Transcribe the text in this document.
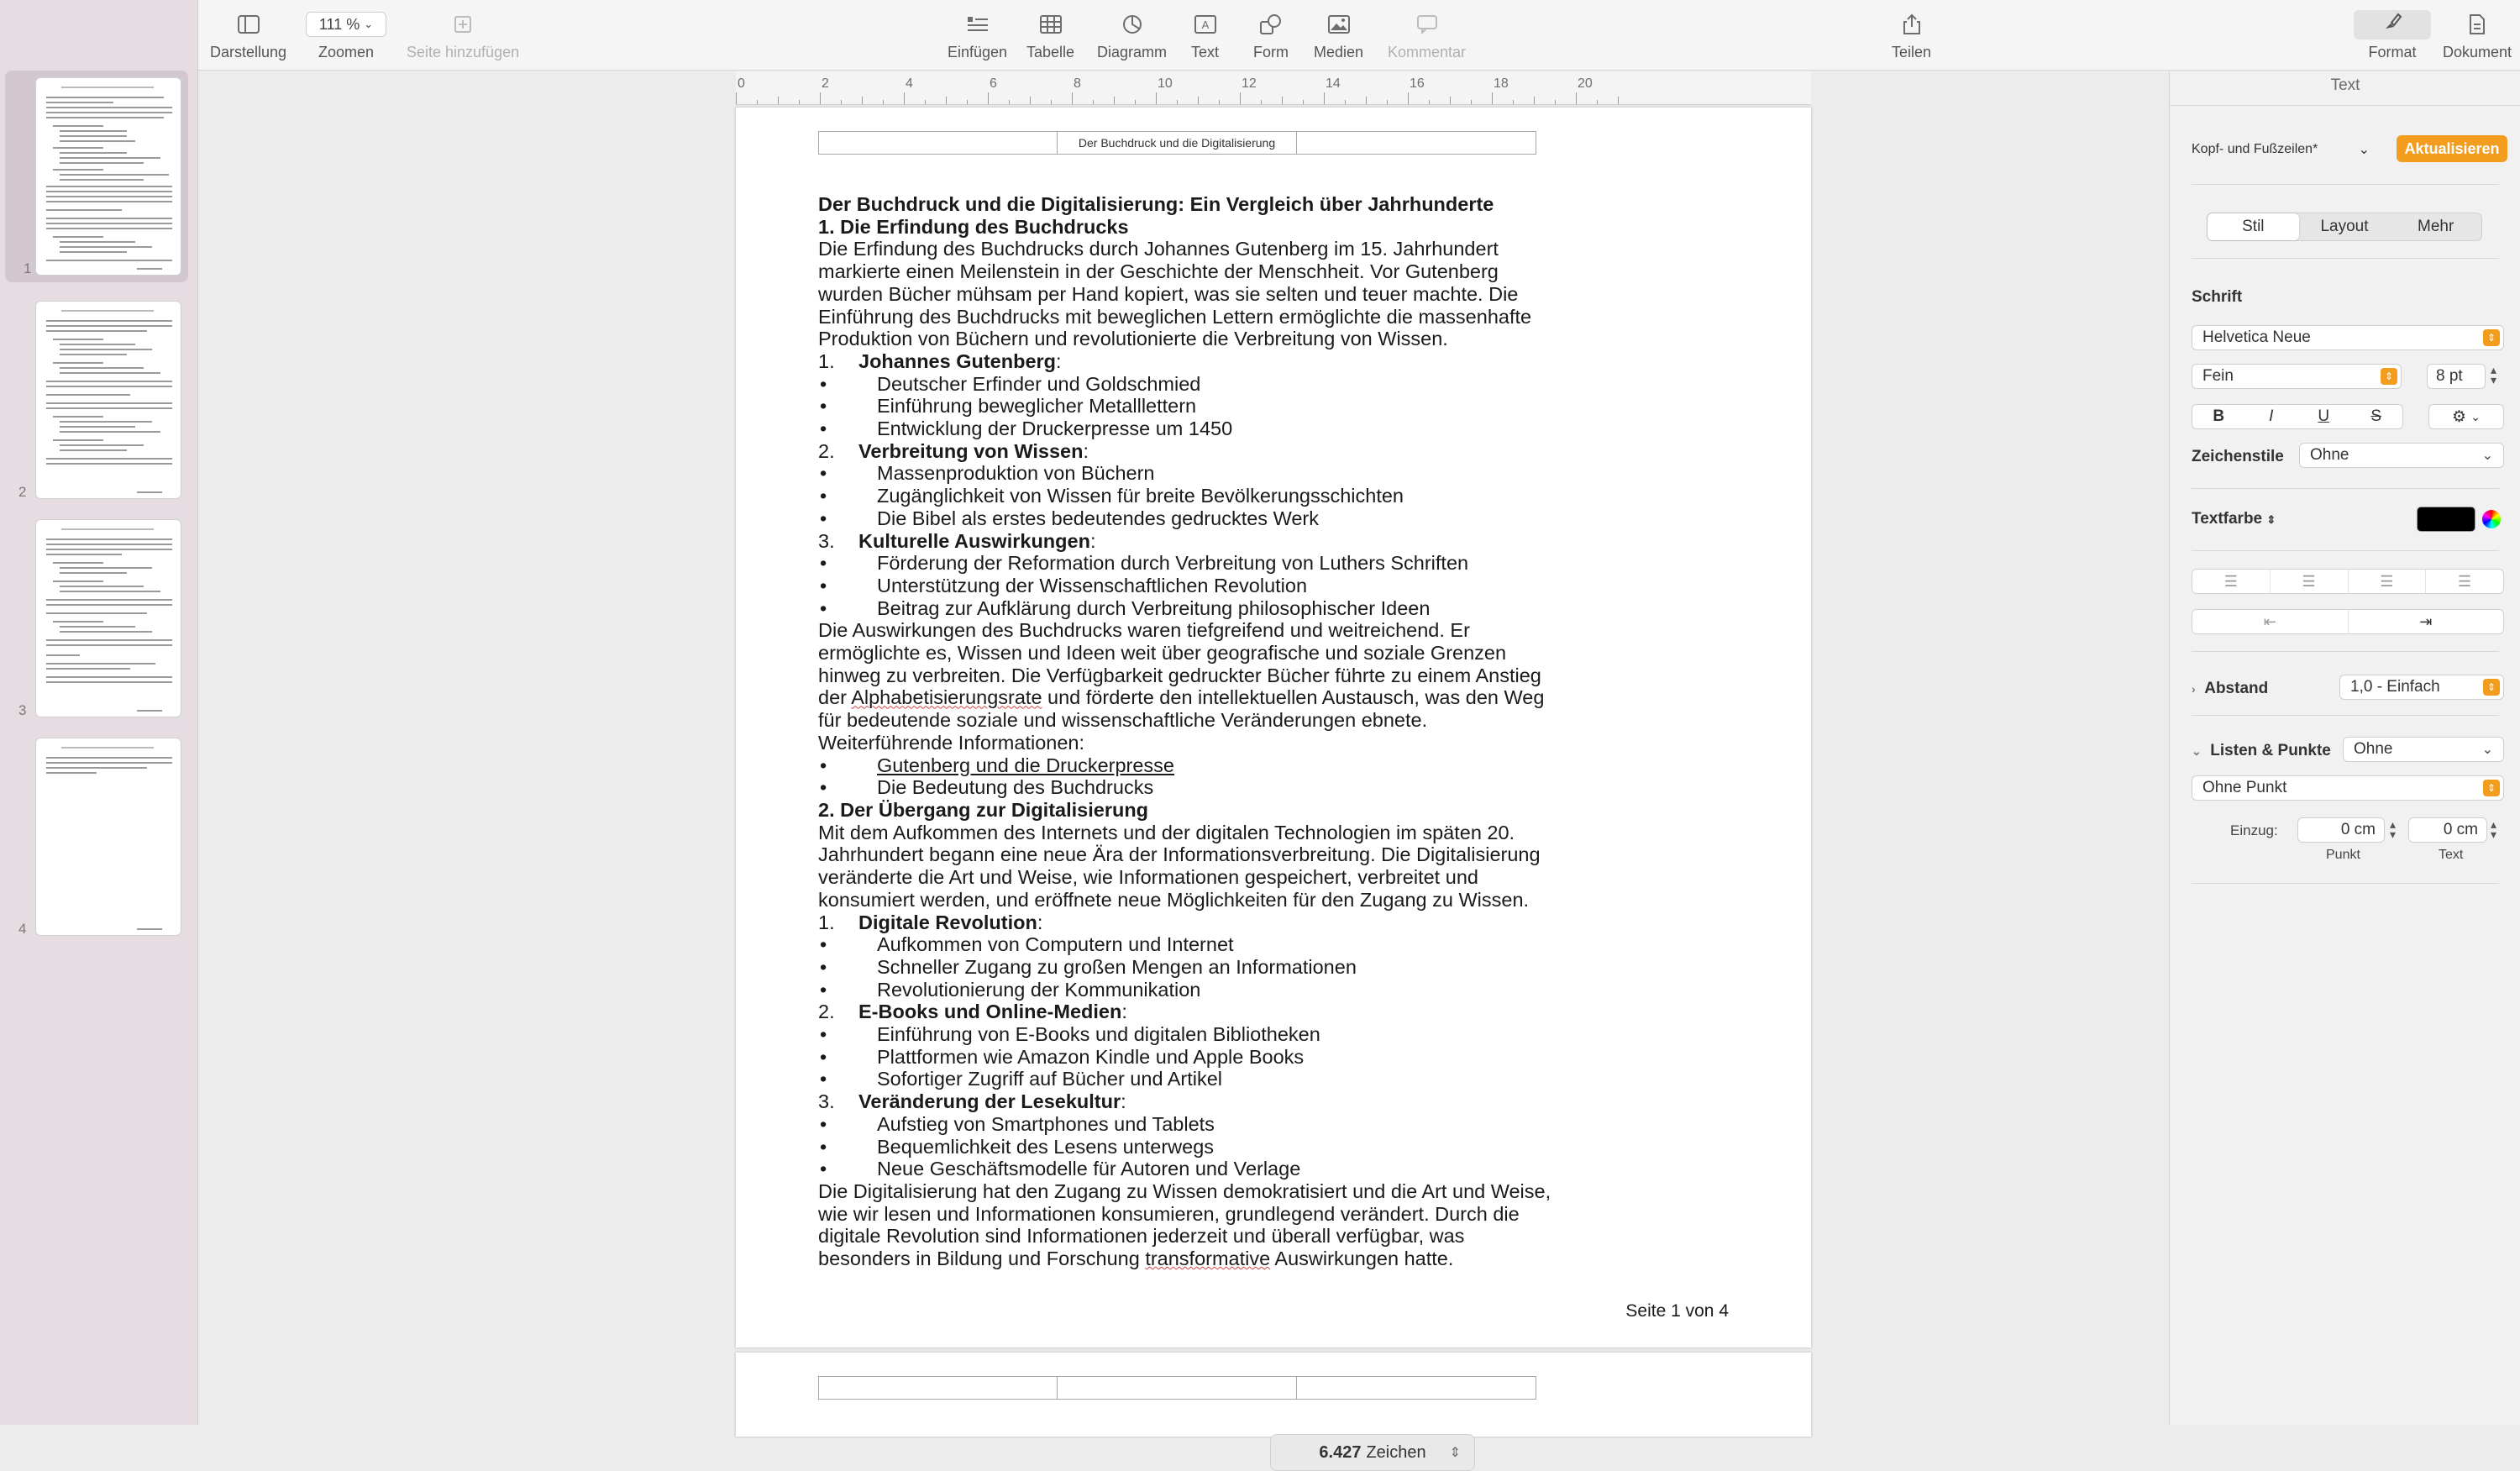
Darstellung
111 %
⌄
Zoomen Seite hinzufügen	Einfügen Tabelle Diagramm
A
Text Form Medien Kommentar	Teilen	Format Dokument
1
2
3
4
0	2	4	6	8	10	12	14	16	18	20
Der Buchdruck und die Digitalisierung

Der Buchdruck und die Digitalisierung: Ein Vergleich über Jahrhunderte

1. Die Erfindung des Buchdrucks

Die Erfindung des Buchdrucks durch Johannes Gutenberg im 15. Jahrhundert markierte einen Meilenstein in der Geschichte der Menschheit. Vor Gutenberg wurden Bücher mühsam per Hand kopiert, was sie selten und teuer machte. Die Einführung des Buchdrucks mit beweglichen Lettern ermöglichte die massenhafte Produktion von Büchern und revolutionierte die Verbreitung von Wissen.

1.	Johannes Gutenberg:
•	Deutscher Erfinder und Goldschmied
•	Einführung beweglicher Metalllettern
•	Entwicklung der Druckerpresse um 1450
2.	Verbreitung von Wissen:
•	Massenproduktion von Büchern
•	Zugänglichkeit von Wissen für breite Bevölkerungsschichten
•	Die Bibel als erstes bedeutendes gedrucktes Werk
3.	Kulturelle Auswirkungen:
•	Förderung der Reformation durch Verbreitung von Luthers Schriften
•	Unterstützung der Wissenschaftlichen Revolution
•	Beitrag zur Aufklärung durch Verbreitung philosophischer Ideen

Die Auswirkungen des Buchdrucks waren tiefgreifend und weitreichend. Er ermöglichte es, Wissen und Ideen weit über geografische und soziale Grenzen hinweg zu verbreiten. Die Verfügbarkeit gedruckter Bücher führte zu einem Anstieg der Alphabetisierungsrate und förderte den intellektuellen Austausch, was den Weg für bedeutende soziale und wissenschaftliche Veränderungen ebnete.

Weiterführende Informationen:

•	Gutenberg und die Druckerpresse
•	Die Bedeutung des Buchdrucks

2. Der Übergang zur Digitalisierung

Mit dem Aufkommen des Internets und der digitalen Technologien im späten 20. Jahrhundert begann eine neue Ära der Informationsverbreitung. Die Digitalisierung veränderte die Art und Weise, wie Informationen gespeichert, verbreitet und konsumiert werden, und eröffnete neue Möglichkeiten für den Zugang zu Wissen.

1.	Digitale Revolution:
•	Aufkommen von Computern und Internet
•	Schneller Zugang zu großen Mengen an Informationen
•	Revolutionierung der Kommunikation
2.	E-Books und Online-Medien:
•	Einführung von E-Books und digitalen Bibliotheken
•	Plattformen wie Amazon Kindle und Apple Books
•	Sofortiger Zugriff auf Bücher und Artikel
3.	Veränderung der Lesekultur:
•	Aufstieg von Smartphones und Tablets
•	Bequemlichkeit des Lesens unterwegs
•	Neue Geschäftsmodelle für Autoren und Verlage

Die Digitalisierung hat den Zugang zu Wissen demokratisiert und die Art und Weise, wie wir lesen und Informationen konsumieren, grundlegend verändert. Durch die digitale Revolution sind Informationen jederzeit und überall verfügbar, was besonders in Bildung und Forschung transformative Auswirkungen hatte.

Seite 1 von 4
6.427 Zeichen ⇕
Text
Kopf- und Fußzeilen*	⌄	Aktualisieren
Stil	Layout	Mehr
Schrift
Helvetica Neue	⇕
Fein	⇕	8 pt ▴
▾
B	I	U	S	⚙
⌄
Zeichenstile Ohne	⌄
Textfarbe ⇕
☰	☰	☰	☰
⇤	⇥
› Abstand	1,0 - Einfach	⇕
⌄ Listen & Punkte Ohne	⌄
Ohne Punkt	⇕
Einzug:	0 cm ▴
▾	0 cm ▴
▾
Punkt	Text
